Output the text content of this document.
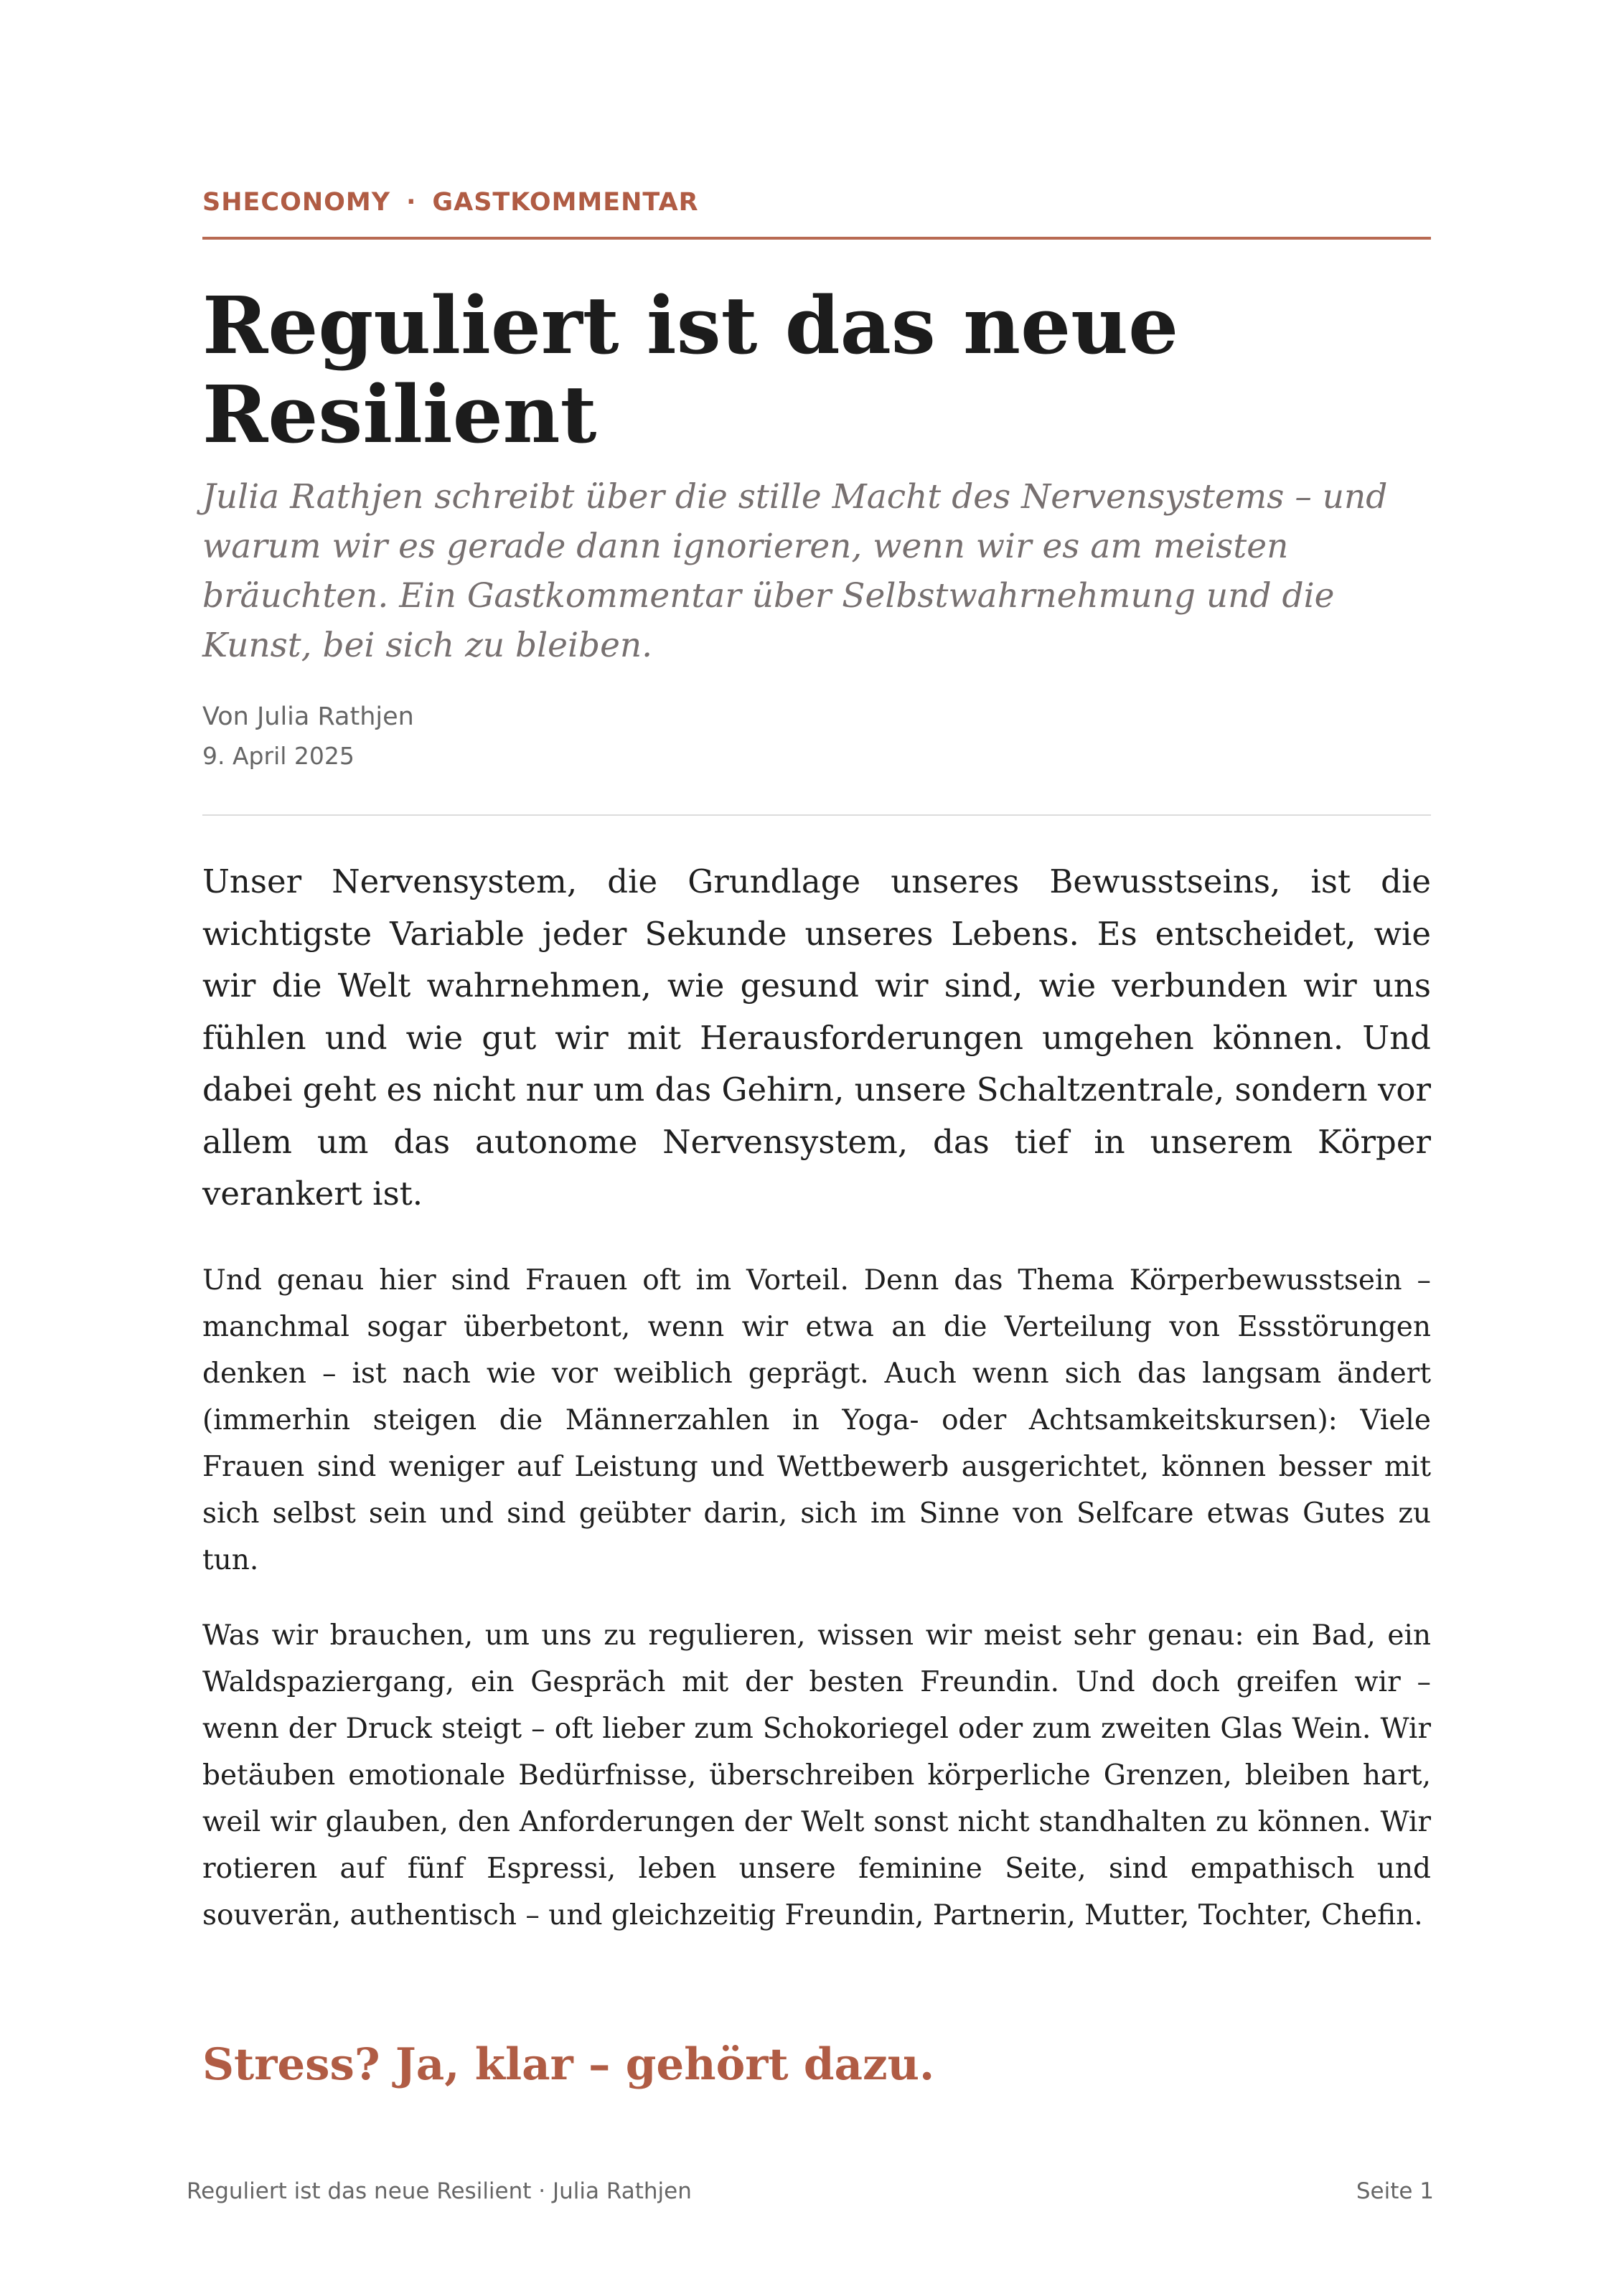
SHECONOMY · GASTKOMMENTAR
Reguliert ist das neue Resilient

Julia Rathjen schreibt über die stille Macht des Nervensystems – und warum wir es gerade dann ignorieren, wenn wir es am meisten bräuchten. Ein Gastkommentar über Selbstwahrnehmung und die Kunst, bei sich zu bleiben.

Von Julia Rathjen
9. April 2025

Unser Nervensystem, die Grundlage unseres Bewusstseins, ist die wichtigste Variable jeder Sekunde unseres Lebens. Es entscheidet, wie wir die Welt wahrnehmen, wie gesund wir sind, wie verbunden wir uns fühlen und wie gut wir mit Herausforderungen umgehen können. Und dabei geht es nicht nur um das Gehirn, unsere Schaltzentrale, sondern vor allem um das autonome Nervensystem, das tief in unserem Körper verankert ist.

Und genau hier sind Frauen oft im Vorteil. Denn das Thema Körperbewusstsein – manchmal sogar überbetont, wenn wir etwa an die Verteilung von Essstörungen denken – ist nach wie vor weiblich geprägt. Auch wenn sich das langsam ändert (immerhin steigen die Männerzahlen in Yoga- oder Achtsamkeitskursen): Viele Frauen sind weniger auf Leistung und Wettbewerb ausgerichtet, können besser mit sich selbst sein und sind geübter darin, sich im Sinne von Selfcare etwas Gutes zu tun.

Was wir brauchen, um uns zu regulieren, wissen wir meist sehr genau: ein Bad, ein Waldspaziergang, ein Gespräch mit der besten Freundin. Und doch greifen wir – wenn der Druck steigt – oft lieber zum Schokoriegel oder zum zweiten Glas Wein. Wir betäuben emotionale Bedürfnisse, überschreiben körperliche Grenzen, bleiben hart, weil wir glauben, den Anforderungen der Welt sonst nicht standhalten zu können. Wir rotieren auf fünf Espressi, leben unsere feminine Seite, sind empathisch und souverän, authentisch – und gleichzeitig Freundin, Partnerin, Mutter, Tochter, Chefin.

Stress? Ja, klar – gehört dazu.
Reguliert ist das neue Resilient · Julia Rathjen	Seite 1
